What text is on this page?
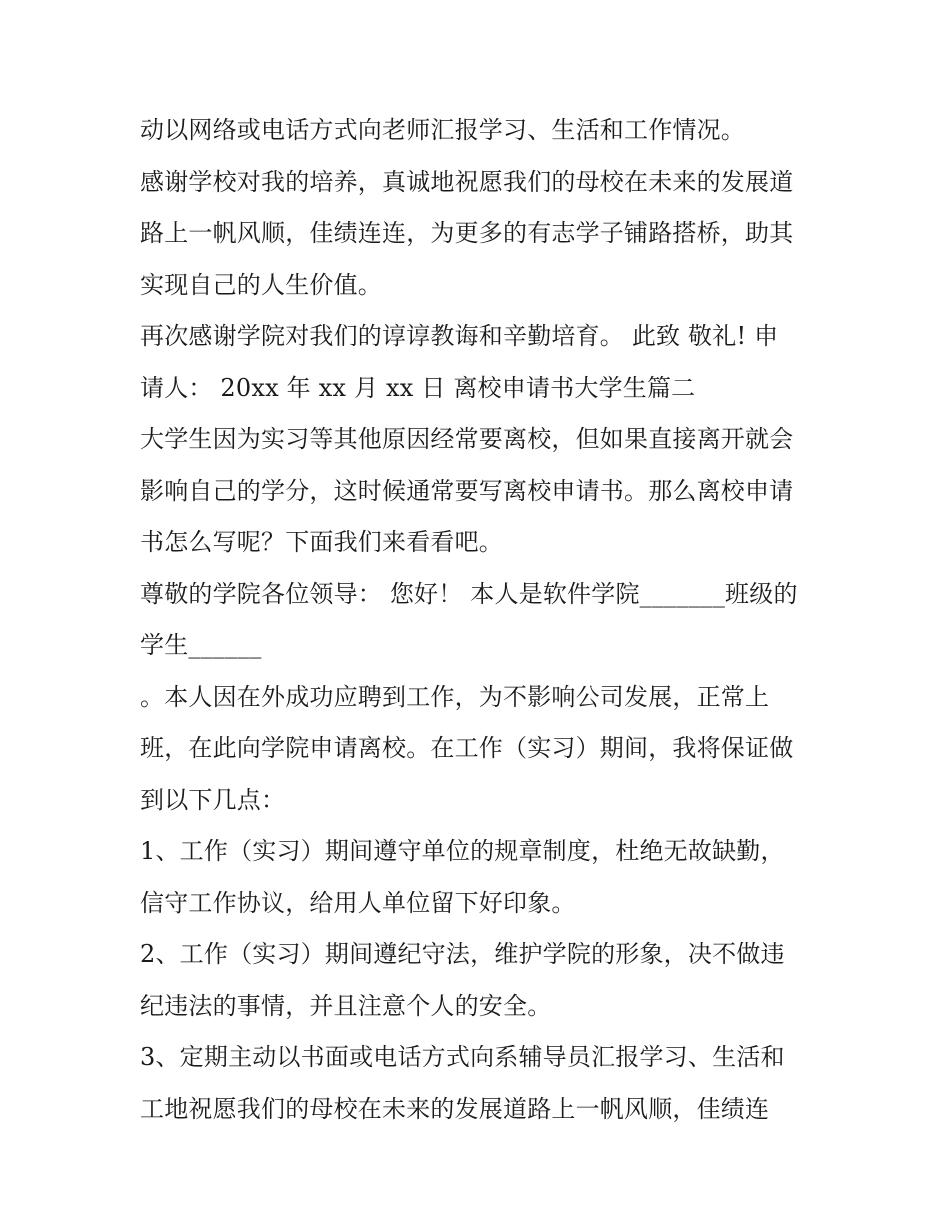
动以网络或电话方式向老师汇报学习、生活和工作情况。
感谢学校对我的培养，真诚地祝愿我们的母校在未来的发展道
路上一帆风顺，佳绩连连，为更多的有志学子铺路搭桥，助其
实现自己的人生价值。
再次感谢学院对我们的谆谆教诲和辛勤培育。 此致 敬礼! 申
请人： 20xx 年 xx 月 xx 日 离校申请书大学生篇二
大学生因为实习等其他原因经常要离校，但如果直接离开就会
影响自己的学分，这时候通常要写离校申请书。那么离校申请
书怎么写呢？下面我们来看看吧。
尊敬的学院各位领导： 您好！ 本人是软件学院_______班级的
学生______
。本人因在外成功应聘到工作，为不影响公司发展，正常上
班，在此向学院申请离校。在工作（实习）期间，我将保证做
到以下几点：
1、工作（实习）期间遵守单位的规章制度，杜绝无故缺勤，
信守工作协议，给用人单位留下好印象。
2、工作（实习）期间遵纪守法，维护学院的形象，决不做违
纪违法的事情，并且注意个人的安全。
3、定期主动以书面或电话方式向系辅导员汇报学习、生活和
工地祝愿我们的母校在未来的发展道路上一帆风顺，佳绩连
